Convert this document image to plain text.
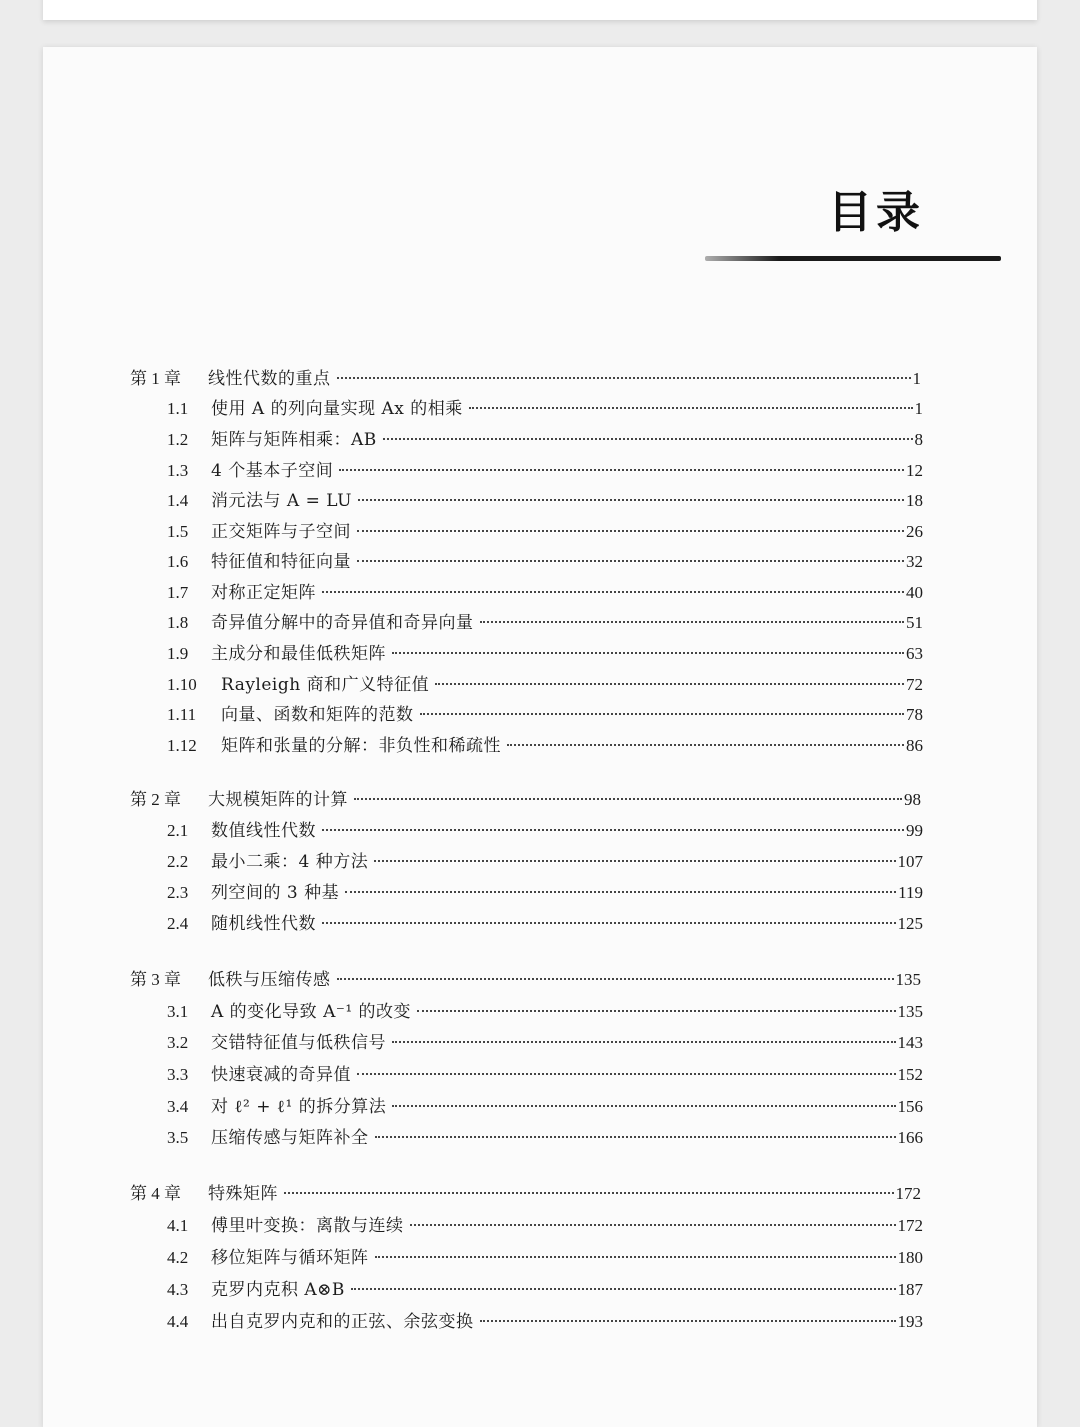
目录
第 1 章	线性代数的重点	1
1.1	使用 A 的列向量实现 Ax 的相乘	1
1.2	矩阵与矩阵相乘：AB	8
1.3	4 个基本子空间	12
1.4	消元法与 A = LU	18
1.5	正交矩阵与子空间	26
1.6	特征值和特征向量	32
1.7	对称正定矩阵	40
1.8	奇异值分解中的奇异值和奇异向量	51
1.9	主成分和最佳低秩矩阵	63
1.10	Rayleigh 商和广义特征值	72
1.11	向量、函数和矩阵的范数	78
1.12	矩阵和张量的分解：非负性和稀疏性	86
第 2 章	大规模矩阵的计算	98
2.1	数值线性代数	99
2.2	最小二乘：4 种方法	107
2.3	列空间的 3 种基	119
2.4	随机线性代数	125
第 3 章	低秩与压缩传感	135
3.1	A 的变化导致 A⁻¹ 的改变	135
3.2	交错特征值与低秩信号	143
3.3	快速衰减的奇异值	152
3.4	对 ℓ² + ℓ¹ 的拆分算法	156
3.5	压缩传感与矩阵补全	166
第 4 章	特殊矩阵	172
4.1	傅里叶变换：离散与连续	172
4.2	移位矩阵与循环矩阵	180
4.3	克罗内克积 A⊗B	187
4.4	出自克罗内克和的正弦、余弦变换	193
